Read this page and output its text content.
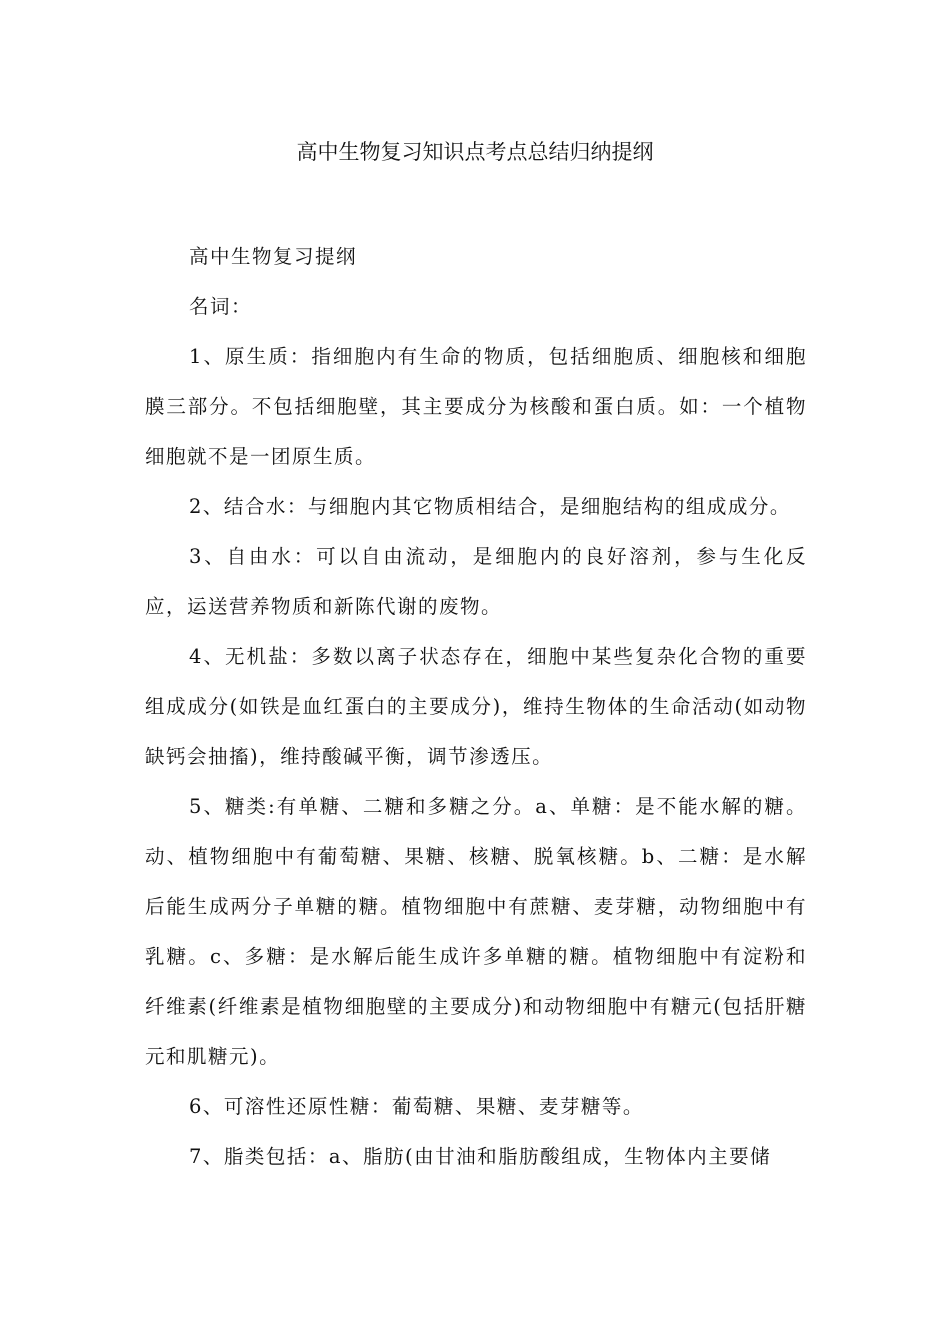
高中生物复习知识点考点总结归纳提纲

高中生物复习提纲

名词：

1、原生质：指细胞内有生命的物质，包括细胞质、细胞核和细胞膜三部分。不包括细胞壁，其主要成分为核酸和蛋白质。如：一个植物细胞就不是一团原生质。

2、结合水：与细胞内其它物质相结合，是细胞结构的组成成分。

3、自由水：可以自由流动，是细胞内的良好溶剂，参与生化反应，运送营养物质和新陈代谢的废物。

4、无机盐：多数以离子状态存在，细胞中某些复杂化合物的重要组成成分(如铁是血红蛋白的主要成分)，维持生物体的生命活动(如动物缺钙会抽搐)，维持酸碱平衡，调节渗透压。

5、糖类:有单糖、二糖和多糖之分。a、单糖：是不能水解的糖。动、植物细胞中有葡萄糖、果糖、核糖、脱氧核糖。b、二糖：是水解后能生成两分子单糖的糖。植物细胞中有蔗糖、麦芽糖，动物细胞中有乳糖。c、多糖：是水解后能生成许多单糖的糖。植物细胞中有淀粉和纤维素(纤维素是植物细胞壁的主要成分)和动物细胞中有糖元(包括肝糖元和肌糖元)。

6、可溶性还原性糖：葡萄糖、果糖、麦芽糖等。

7、脂类包括：a、脂肪(由甘油和脂肪酸组成，生物体内主要储
